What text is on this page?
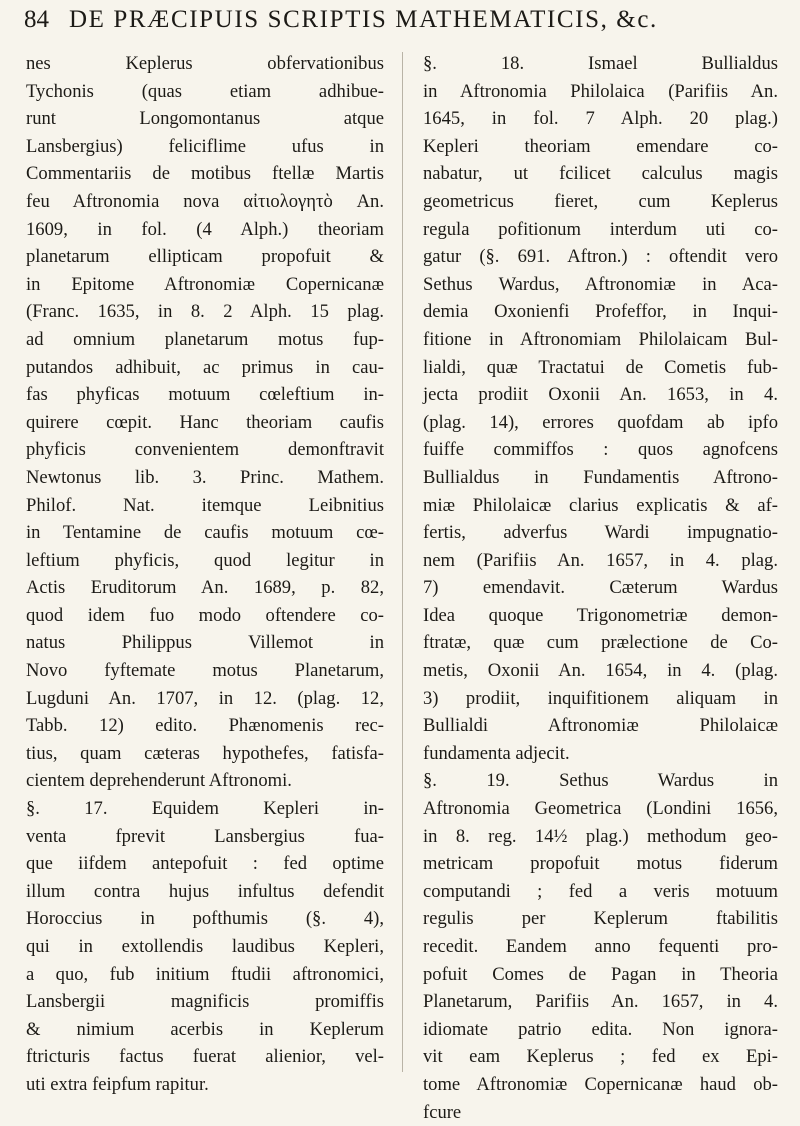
84 DE PRÆCIPUIS SCRIPTIS MATHEMATICIS, &c.
nes Keplerus obfervationibus
Tychonis (quas etiam adhibue-
runt Longomontanus atque
Lansbergius) feliciflime ufus in
Commentariis de motibus ftellæ Martis
feu Aftronomia nova αἰτιολογητὸ An.
1609, in fol. (4 Alph.) theoriam
planetarum ellipticam propofuit &
in Epitome Aftronomiæ Copernicanæ
(Franc. 1635, in 8. 2 Alph. 15 plag.
ad omnium planetarum motus fup-
putandos adhibuit, ac primus in cau-
fas phyficas motuum cœleftium in-
quirere cœpit. Hanc theoriam caufis
phyficis convenientem demonftravit
Newtonus lib. 3. Princ. Mathem.
Philof. Nat. itemque Leibnitius
in Tentamine de caufis motuum cœ-
leftium phyficis, quod legitur in
Actis Eruditorum An. 1689, p. 82,
quod idem fuo modo oftendere co-
natus Philippus Villemot in
Novo fyftemate motus Planetarum,
Lugduni An. 1707, in 12. (plag. 12,
Tabb. 12) edito. Phænomenis rec-
tius, quam cæteras hypothefes, fatisfa-
cientem deprehenderunt Aftronomi.
§. 17. Equidem Kepleri in-
venta fprevit Lansbergius fua-
que iifdem antepofuit : fed optime
illum contra hujus infultus defendit
Horoccius in pofthumis (§. 4),
qui in extollendis laudibus Kepleri,
a quo, fub initium ftudii aftronomici,
Lansbergii magnificis promiffis
& nimium acerbis in Keplerum
ftricturis factus fuerat alienior, vel-
uti extra feipfum rapitur.
§. 18. Ismael Bullialdus
in Aftronomia Philolaica (Parifiis An.
1645, in fol. 7 Alph. 20 plag.)
Kepleri theoriam emendare co-
nabatur, ut fcilicet calculus magis
geometricus fieret, cum Keplerus
regula pofitionum interdum uti co-
gatur (§. 691. Aftron.) : oftendit vero
Sethus Wardus, Aftronomiæ in Aca-
demia Oxonienfi Profeffor, in Inqui-
fitione in Aftronomiam Philolaicam Bul-
lialdi, quæ Tractatui de Cometis fub-
jecta prodiit Oxonii An. 1653, in 4.
(plag. 14), errores quofdam ab ipfo
fuiffe commiffos : quos agnofcens
Bullialdus in Fundamentis Aftrono-
miæ Philolaicæ clarius explicatis & af-
fertis, adverfus Wardi impugnatio-
nem (Parifiis An. 1657, in 4. plag.
7) emendavit. Cæterum Wardus
Idea quoque Trigonometriæ demon-
ftratæ, quæ cum prælectione de Co-
metis, Oxonii An. 1654, in 4. (plag.
3) prodiit, inquifitionem aliquam in
Bullialdi Aftronomiæ Philolaicæ
fundamenta adjecit.
§. 19. Sethus Wardus in
Aftronomia Geometrica (Londini 1656,
in 8. reg. 14½ plag.) methodum geo-
metricam propofuit motus fiderum
computandi ; fed a veris motuum
regulis per Keplerum ftabilitis
recedit. Eandem anno fequenti pro-
pofuit Comes de Pagan in Theoria
Planetarum, Parifiis An. 1657, in 4.
idiomate patrio edita. Non ignora-
vit eam Keplerus ; fed ex Epi-
tome Aftronomiæ Copernicanæ haud ob-
fcure
